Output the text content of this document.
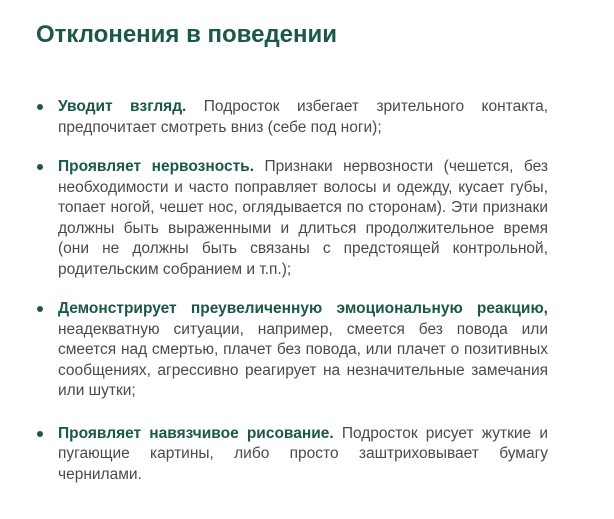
Отклонения в поведении
Уводит взгляд. Подросток избегает зрительного контакта, предпочитает смотреть вниз (себе под ноги);
Проявляет нервозность. Признаки нервозности (чешется, без необходимости и часто поправляет волосы и одежду, кусает губы, топает ногой, чешет нос, оглядывается по сторонам). Эти признаки должны быть выраженными и длиться продолжительное время (они не должны быть связаны с предстоящей контрольной, родительским собранием и т.п.);
Демонстрирует преувеличенную эмоциональную реакцию, неадекватную ситуации, например, смеется без повода или смеется над смертью, плачет без повода, или плачет о позитивных сообщениях, агрессивно реагирует на незначительные замечания или шутки;
Проявляет навязчивое рисование. Подросток рисует жуткие и пугающие картины, либо просто заштриховывает бумагу чернилами.
